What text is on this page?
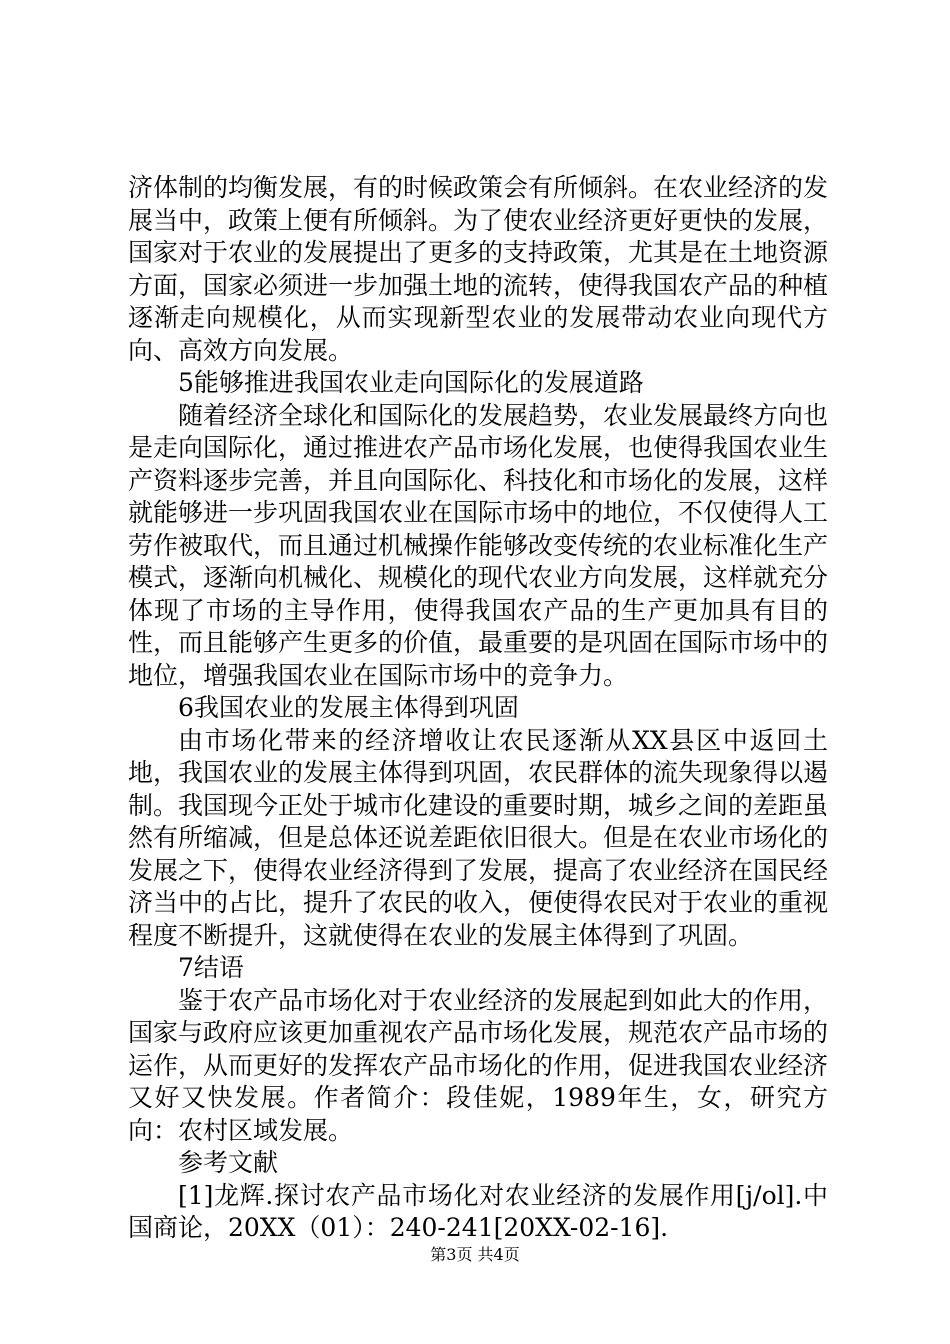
济体制的均衡发展，有的时候政策会有所倾斜。在农业经济的发展当中，政策上便有所倾斜。为了使农业经济更好更快的发展，国家对于农业的发展提出了更多的支持政策，尤其是在土地资源方面，国家必须进一步加强土地的流转，使得我国农产品的种植逐渐走向规模化，从而实现新型农业的发展带动农业向现代方向、高效方向发展。

5能够推进我国农业走向国际化的发展道路

随着经济全球化和国际化的发展趋势，农业发展最终方向也是走向国际化，通过推进农产品市场化发展，也使得我国农业生产资料逐步完善，并且向国际化、科技化和市场化的发展，这样就能够进一步巩固我国农业在国际市场中的地位，不仅使得人工劳作被取代，而且通过机械操作能够改变传统的农业标准化生产模式，逐渐向机械化、规模化的现代农业方向发展，这样就充分体现了市场的主导作用，使得我国农产品的生产更加具有目的性，而且能够产生更多的价值，最重要的是巩固在国际市场中的地位，增强我国农业在国际市场中的竞争力。

6我国农业的发展主体得到巩固

由市场化带来的经济增收让农民逐渐从XX县区中返回土地，我国农业的发展主体得到巩固，农民群体的流失现象得以遏制。我国现今正处于城市化建设的重要时期，城乡之间的差距虽然有所缩减，但是总体还说差距依旧很大。但是在农业市场化的发展之下，使得农业经济得到了发展，提高了农业经济在国民经济当中的占比，提升了农民的收入，便使得农民对于农业的重视程度不断提升，这就使得在农业的发展主体得到了巩固。

7结语

鉴于农产品市场化对于农业经济的发展起到如此大的作用，国家与政府应该更加重视农产品市场化发展，规范农产品市场的运作，从而更好的发挥农产品市场化的作用，促进我国农业经济又好又快发展。作者简介：段佳妮，1989年生，女，研究方向：农村区域发展。

参考文献

[1]龙辉.探讨农产品市场化对农业经济的发展作用[j/ol].中国商论，20XX（01）：240-241[20XX-02-16].

第3页 共4页
